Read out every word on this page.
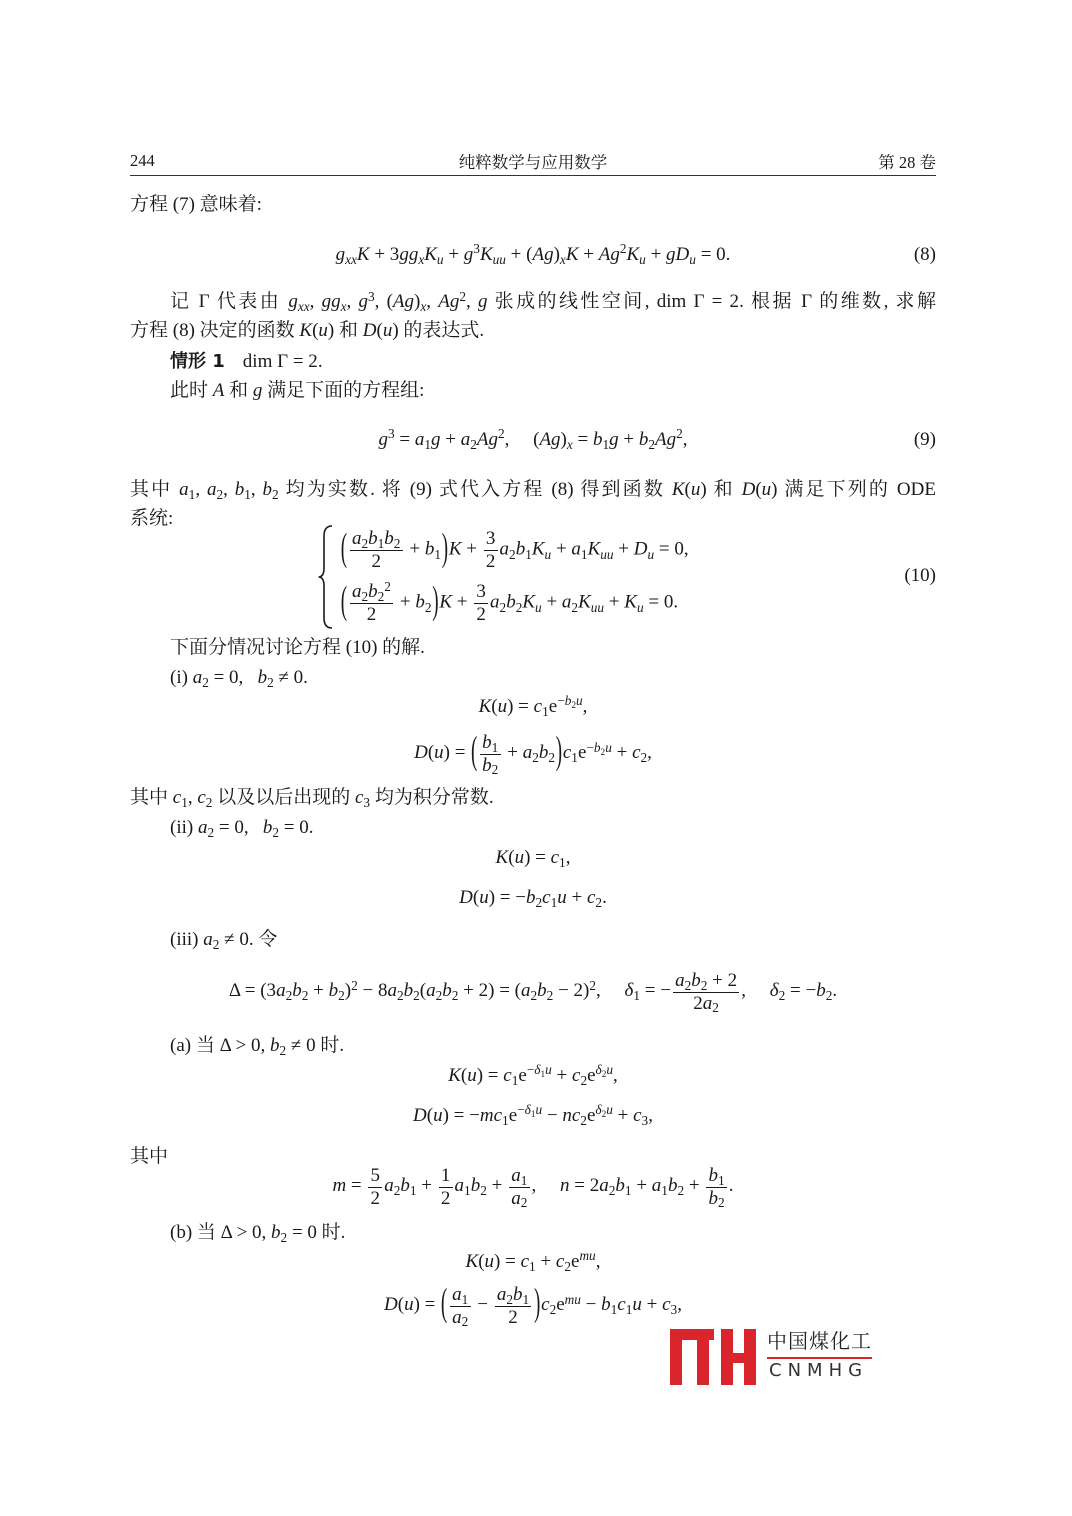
244	纯粹数学与应用数学	第 28 卷
方程 (7) 意味着:
$g_{xx}K + 3gg_xK_u + g^3K_{uu} + (Ag)_xK + Ag^2K_u + gD_u = 0$.	(8)
记 Γ 代表由 $g_{xx}$, $gg_x$, $g^3$, $(Ag)_x$, Ag$^2$, g 张成的线性空间, dim Γ = 2. 根据 Γ 的维数, 求解
方程 (8) 决定的函数 K(u) 和 D(u) 的表达式.
情形 1 dim Γ = 2.
此时 A 和 g 满足下面的方程组:
$g^3 = a_1g + a_2Ag^2$, $(Ag)_x = b_1g + b_2Ag^2$,	(9)
其中 $a_1$, $a_2$, $b_1$, $b_2$ 均为实数. 将 (9) 式代入方程 (8) 得到函数 K(u) 和 D(u) 满足下列的 ODE
系统:
( $\frac{a_2b_1b_2}{2} + b_1)K + \frac{3}{2} a_2b_1K_u + a_1K_{uu} + D_u = 0$,
( $\frac{a_2b_2^2}{2} + b_2)K + \frac{3}{2} a_2b_2K_u + a_2K_{uu} + K_u = 0$.
(10)
下面分情况讨论方程 (10) 的解.
(i) $a_2 = 0$, $b_2 \ne 0$.
$K(u) = c_1e^{-b_2u}$,
D(u) = ( $\frac{b_1}{b_2} + a_2b_2)c_1e^{-b_2u} + c_2$,
其中 $c_1$, $c_2$ 以及以后出现的 $c_3$ 均为积分常数.
(ii) $a_2 = 0$, $b_2 = 0$.
$K(u) = c_1$,
$D(u) = -b_2c_1u + c_2$.
(iii) $a_2 \ne 0$. 令
$\Delta = (3a_2b_2 + b_2)^2 - 8a_2b_2(a_2b_2 + 2) = (a_2b_2 - 2)^2$, $\delta_1$ = − $\frac{a_2b_2 + 2}{2a_2}$ , $\delta_2 = -b_2$.
(a) 当 Δ > 0, $b_2 \ne 0$ 时.
$K(u) = c_1e^{-\delta_1u} + c_2e^{\delta_2u}$,
$D(u) = -mc_1e^{-\delta_1u} - nc_2e^{\delta_2u} + c_3$,
其中
$m = \frac{5}{2} a_2b_1 + \frac{1}{2} a_1b_2 + \frac{a_1}{a_2}$ , $n = 2a_2b_1 + a_1b_2 + \frac{b_1}{b_2}$ .
(b) 当 Δ > 0, $b_2 = 0$ 时.
$K(u) = c_1 + c_2e^{mu}$,
D(u) = ( $\frac{a_1}{a_2} - \frac{a_2b_1}{2} )c_2e^{mu} - b_1c_1u + c_3$,
中国煤化工
CNMHG
